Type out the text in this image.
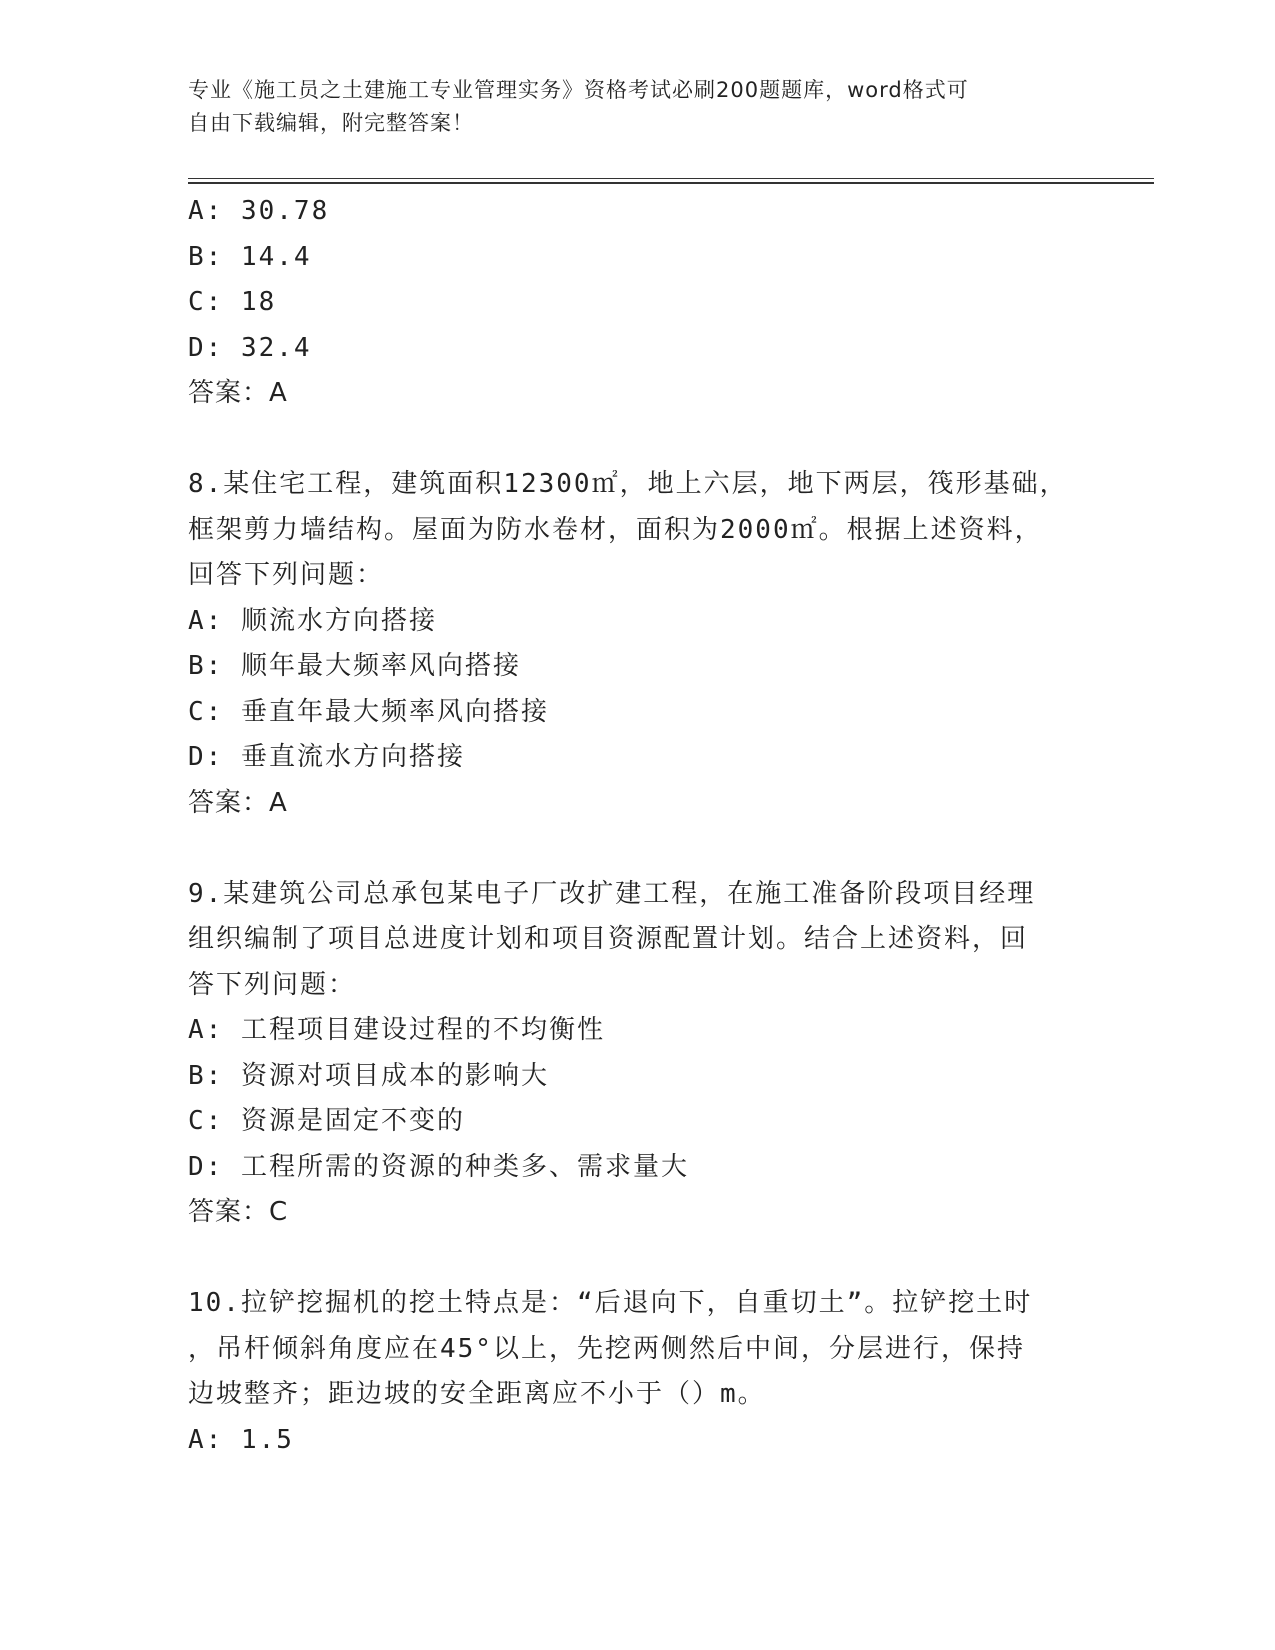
专业《施工员之土建施工专业管理实务》资格考试必刷200题题库，word格式可
自由下载编辑，附完整答案！
A: 30.78
B: 14.4
C: 18
D: 32.4
答案：A
8.某住宅工程，建筑面积12300㎡，地上六层，地下两层，筏形基础，
框架剪力墙结构。屋面为防水卷材，面积为2000㎡。根据上述资料，
回答下列问题：
A: 顺流水方向搭接
B: 顺年最大频率风向搭接
C: 垂直年最大频率风向搭接
D: 垂直流水方向搭接
答案：A
9.某建筑公司总承包某电子厂改扩建工程，在施工准备阶段项目经理
组织编制了项目总进度计划和项目资源配置计划。结合上述资料，回
答下列问题：
A: 工程项目建设过程的不均衡性
B: 资源对项目成本的影响大
C: 资源是固定不变的
D: 工程所需的资源的种类多、需求量大
答案：C
10.拉铲挖掘机的挖土特点是：“后退向下，自重切土”。拉铲挖土时
，吊杆倾斜角度应在45°以上，先挖两侧然后中间，分层进行，保持
边坡整齐；距边坡的安全距离应不小于（）m。
A: 1.5
